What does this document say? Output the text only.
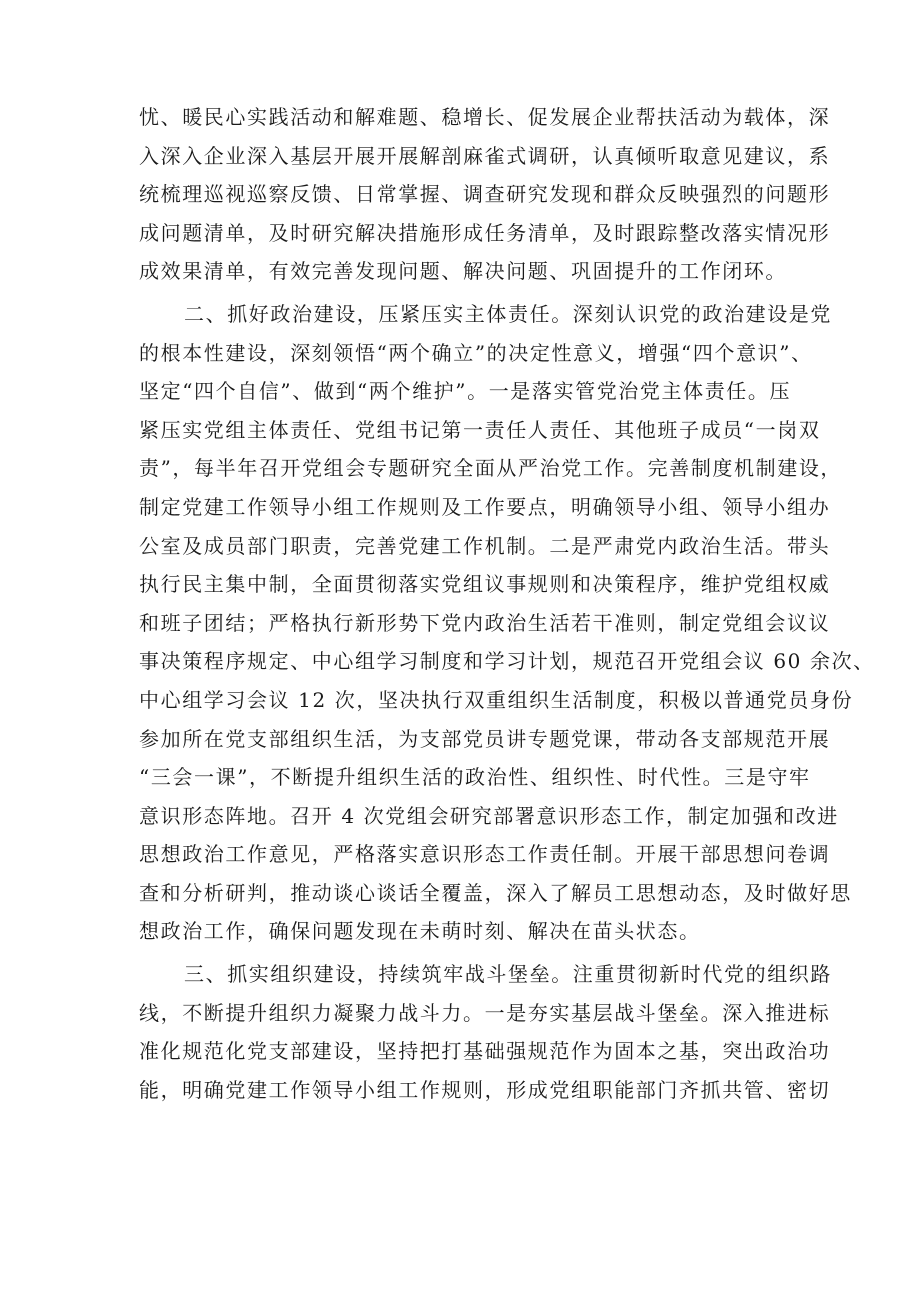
忧、暖民心实践活动和解难题、稳增长、促发展企业帮扶活动为载体，深
入深入企业深入基层开展开展解剖麻雀式调研，认真倾听取意见建议，系
统梳理巡视巡察反馈、日常掌握、调查研究发现和群众反映强烈的问题形
成问题清单，及时研究解决措施形成任务清单，及时跟踪整改落实情况形
成效果清单，有效完善发现问题、解决问题、巩固提升的工作闭环。
二、抓好政治建设，压紧压实主体责任。深刻认识党的政治建设是党
的根本性建设，深刻领悟“两个确立”的决定性意义，增强“四个意识”、
坚定“四个自信”、做到“两个维护”。一是落实管党治党主体责任。压
紧压实党组主体责任、党组书记第一责任人责任、其他班子成员“一岗双
责”，每半年召开党组会专题研究全面从严治党工作。完善制度机制建设，
制定党建工作领导小组工作规则及工作要点，明确领导小组、领导小组办
公室及成员部门职责，完善党建工作机制。二是严肃党内政治生活。带头
执行民主集中制，全面贯彻落实党组议事规则和决策程序，维护党组权威
和班子团结；严格执行新形势下党内政治生活若干准则，制定党组会议议
事决策程序规定、中心组学习制度和学习计划，规范召开党组会议 60 余次、
中心组学习会议 12 次，坚决执行双重组织生活制度，积极以普通党员身份
参加所在党支部组织生活，为支部党员讲专题党课，带动各支部规范开展
“三会一课”，不断提升组织生活的政治性、组织性、时代性。三是守牢
意识形态阵地。召开 4 次党组会研究部署意识形态工作，制定加强和改进
思想政治工作意见，严格落实意识形态工作责任制。开展干部思想问卷调
查和分析研判，推动谈心谈话全覆盖，深入了解员工思想动态，及时做好思
想政治工作，确保问题发现在未萌时刻、解决在苗头状态。
三、抓实组织建设，持续筑牢战斗堡垒。注重贯彻新时代党的组织路
线，不断提升组织力凝聚力战斗力。一是夯实基层战斗堡垒。深入推进标
准化规范化党支部建设，坚持把打基础强规范作为固本之基，突出政治功
能，明确党建工作领导小组工作规则，形成党组职能部门齐抓共管、密切
